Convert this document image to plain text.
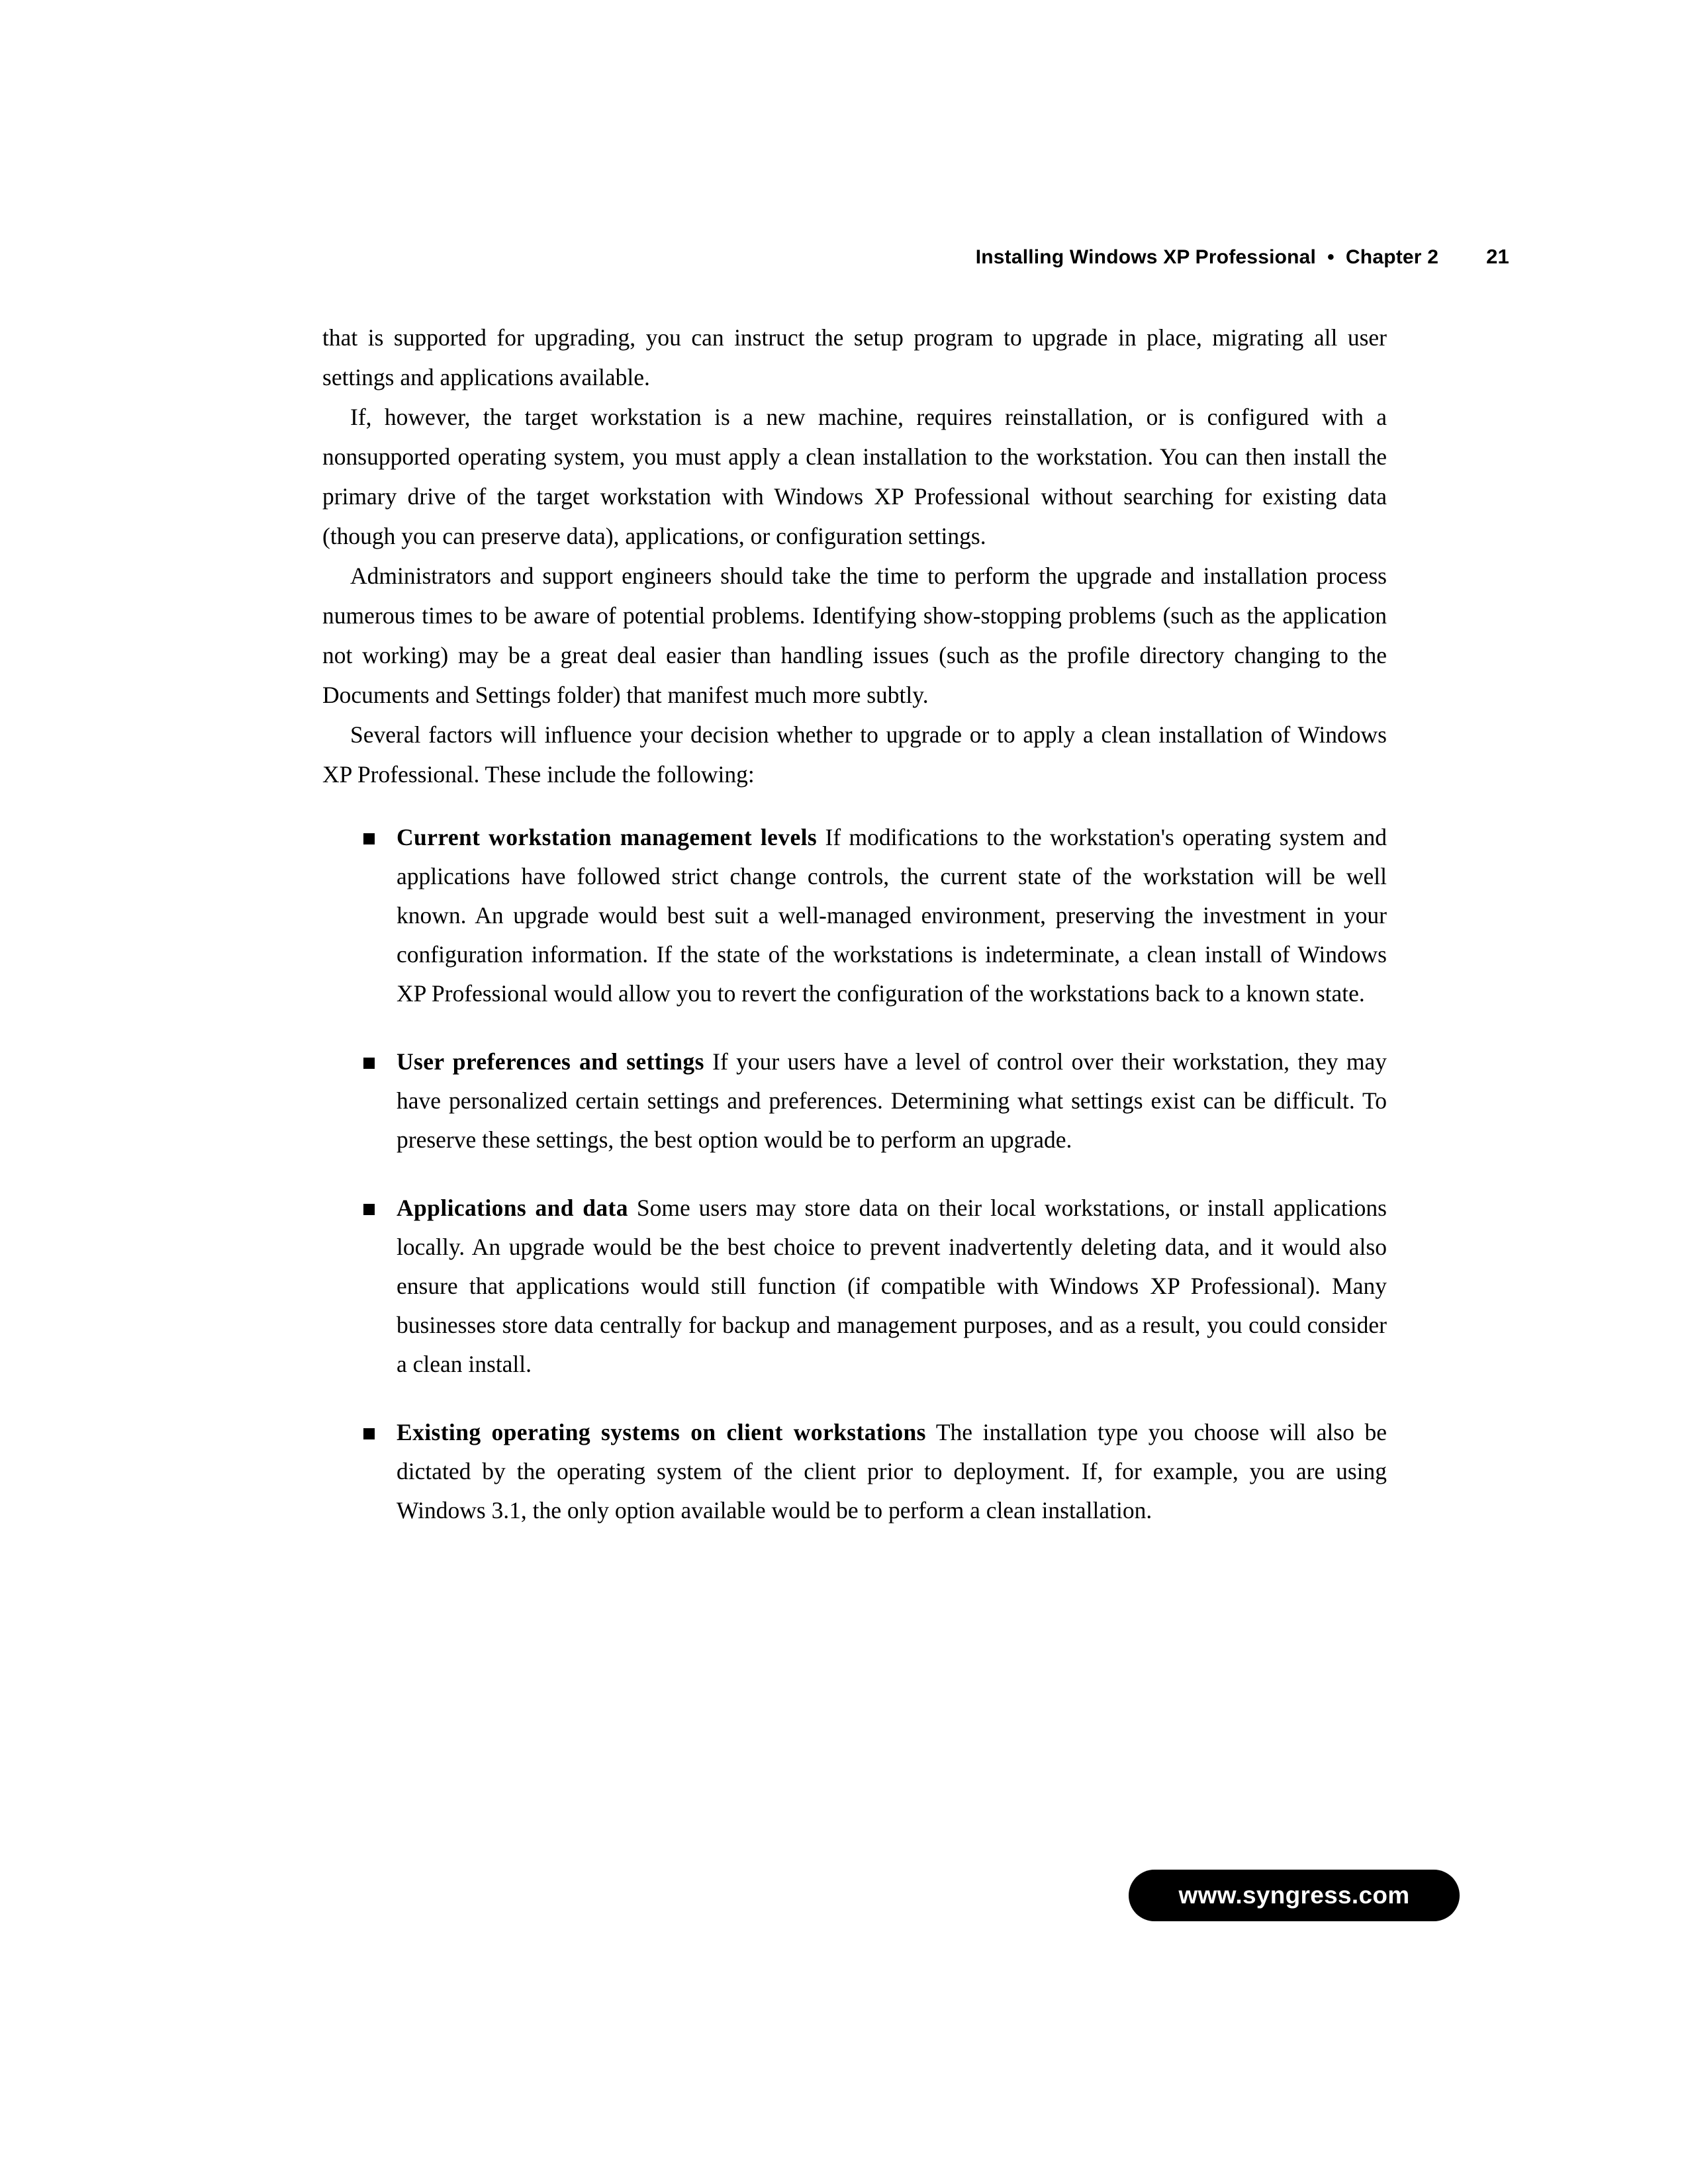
Installing Windows XP Professional  •  Chapter 2 21

that is supported for upgrading, you can instruct the setup program to upgrade in place, migrating all user settings and applications available.

If, however, the target workstation is a new machine, requires reinstallation, or is configured with a nonsupported operating system, you must apply a clean installation to the workstation. You can then install the primary drive of the target workstation with Windows XP Professional without searching for existing data (though you can preserve data), applications, or configuration settings.

Administrators and support engineers should take the time to perform the upgrade and installation process numerous times to be aware of potential problems. Identifying show-stopping problems (such as the application not working) may be a great deal easier than handling issues (such as the profile directory changing to the Documents and Settings folder) that manifest much more subtly.

Several factors will influence your decision whether to upgrade or to apply a clean installation of Windows XP Professional. These include the following:

Current workstation management levels If modifications to the workstation's operating system and applications have followed strict change controls, the current state of the workstation will be well known. An upgrade would best suit a well-managed environment, preserving the investment in your configuration information. If the state of the workstations is indeterminate, a clean install of Windows XP Professional would allow you to revert the configuration of the workstations back to a known state.
User preferences and settings If your users have a level of control over their workstation, they may have personalized certain settings and preferences. Determining what settings exist can be difficult. To preserve these settings, the best option would be to perform an upgrade.
Applications and data Some users may store data on their local workstations, or install applications locally. An upgrade would be the best choice to prevent inadvertently deleting data, and it would also ensure that applications would still function (if compatible with Windows XP Professional). Many businesses store data centrally for backup and management purposes, and as a result, you could consider a clean install.
Existing operating systems on client workstations The installation type you choose will also be dictated by the operating system of the client prior to deployment. If, for example, you are using Windows 3.1, the only option available would be to perform a clean installation.
www.syngress.com
